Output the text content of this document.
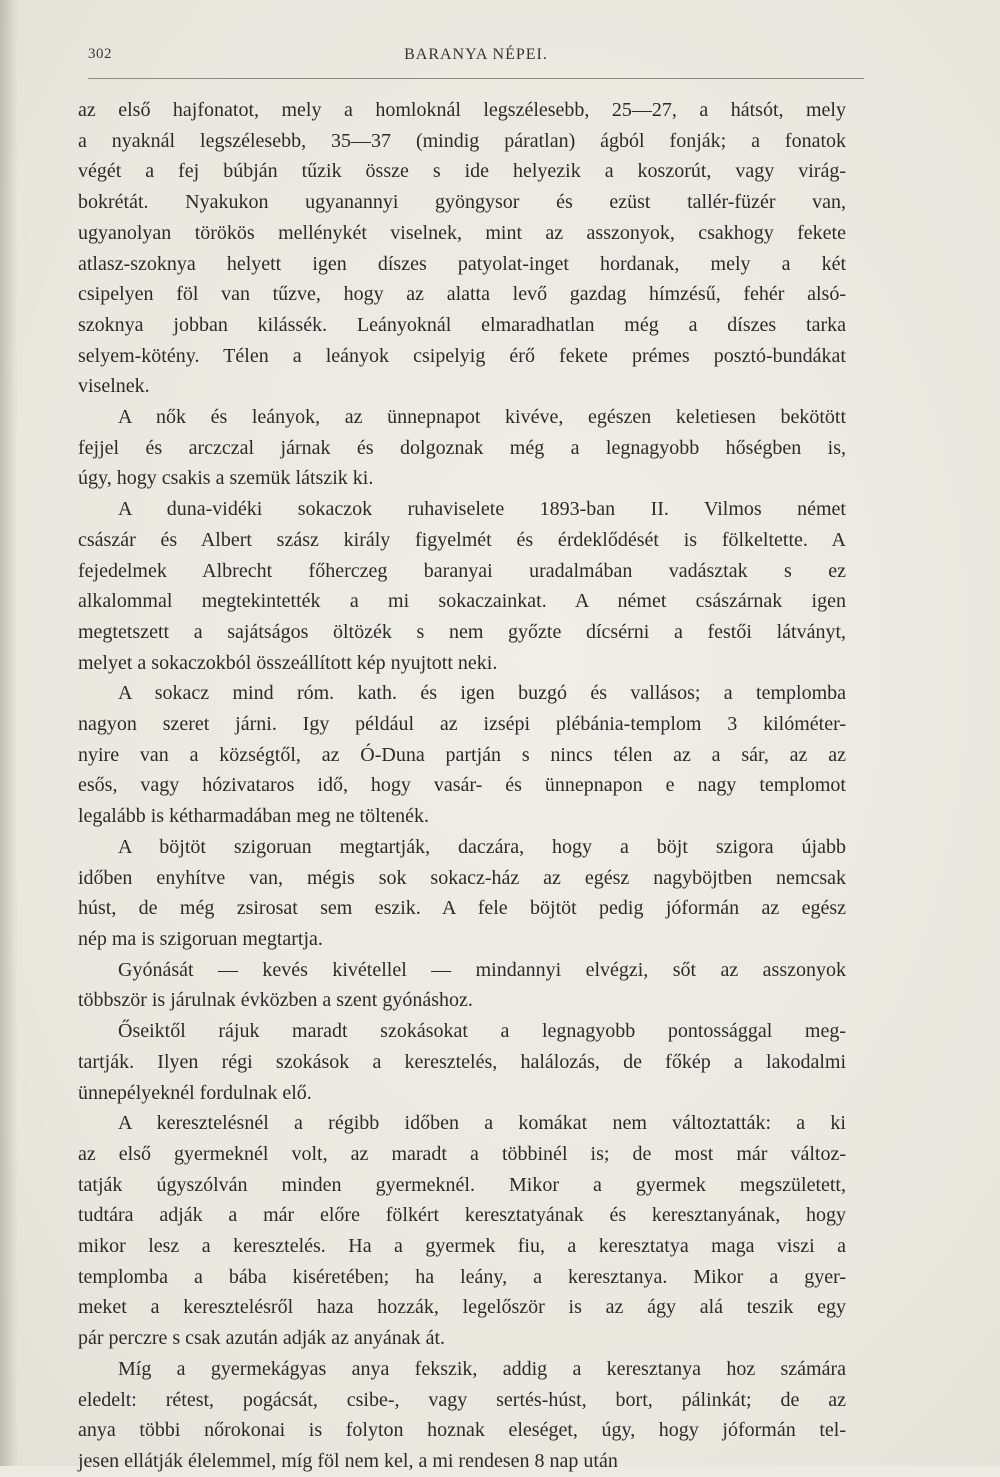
302	BARANYA NÉPEI.

az első hajfonatot, mely a homloknál legszélesebb, 25—27, a hátsót, mely
a nyaknál legszélesebb, 35—37 (mindig páratlan) ágból fonják; a fonatok
végét a fej búbján tűzik össze s ide helyezik a koszorút, vagy virág-
bokrétát. Nyakukon ugyanannyi gyöngysor és ezüst tallér-füzér van,
ugyanolyan törökös mellénykét viselnek, mint az asszonyok, csakhogy fekete
atlasz-szoknya helyett igen díszes patyolat-inget hordanak, mely a két
csipelyen föl van tűzve, hogy az alatta levő gazdag hímzésű, fehér alsó-
szoknya jobban kilássék. Leányoknál elmaradhatlan még a díszes tarka
selyem-kötény. Télen a leányok csipelyig érő fekete prémes posztó-bundákat
viselnek.

A nők és leányok, az ünnepnapot kivéve, egészen keletiesen bekötött
fejjel és arczczal járnak és dolgoznak még a legnagyobb hőségben is,
úgy, hogy csakis a szemük látszik ki.

A duna-vidéki sokaczok ruhaviselete 1893-ban II. Vilmos német
császár és Albert szász király figyelmét és érdeklődését is fölkeltette. A
fejedelmek Albrecht főherczeg baranyai uradalmában vadásztak s ez
alkalommal megtekintették a mi sokaczainkat. A német császárnak igen
megtetszett a sajátságos öltözék s nem győzte dícsérni a festői látványt,
melyet a sokaczokból összeállított kép nyujtott neki.

A sokacz mind róm. kath. és igen buzgó és vallásos; a templomba
nagyon szeret járni. Igy például az izsépi plébánia-templom 3 kilóméter-
nyire van a községtől, az Ó-Duna partján s nincs télen az a sár, az az
esős, vagy hózivataros idő, hogy vasár- és ünnepnapon e nagy templomot
legalább is kétharmadában meg ne töltenék.

A böjtöt szigoruan megtartják, daczára, hogy a böjt szigora újabb
időben enyhítve van, mégis sok sokacz-ház az egész nagyböjtben nemcsak
húst, de még zsirosat sem eszik. A fele böjtöt pedig jóformán az egész
nép ma is szigoruan megtartja.

Gyónását — kevés kivétellel — mindannyi elvégzi, sőt az asszonyok
többször is járulnak évközben a szent gyónáshoz.

Őseiktől rájuk maradt szokásokat a legnagyobb pontossággal meg-
tartják. Ilyen régi szokások a keresztelés, halálozás, de főkép a lakodalmi
ünnepélyeknél fordulnak elő.

A keresztelésnél a régibb időben a komákat nem változtatták: a ki
az első gyermeknél volt, az maradt a többinél is; de most már változ-
tatják úgyszólván minden gyermeknél. Mikor a gyermek megszületett,
tudtára adják a már előre fölkért keresztatyának és keresztanyának, hogy
mikor lesz a keresztelés. Ha a gyermek fiu, a keresztatya maga viszi a
templomba a bába kiséretében; ha leány, a keresztanya. Mikor a gyer-
meket a keresztelésről haza hozzák, legelőször is az ágy alá teszik egy
pár perczre s csak azután adják az anyának át.

Míg a gyermekágyas anya fekszik, addig a keresztanya hoz számára
eledelt: rétest, pogácsát, csibe-, vagy sertés-húst, bort, pálinkát; de az
anya többi nőrokonai is folyton hoznak eleséget, úgy, hogy jóformán tel-
jesen ellátják élelemmel, míg föl nem kel, a mi rendesen 8 nap után
